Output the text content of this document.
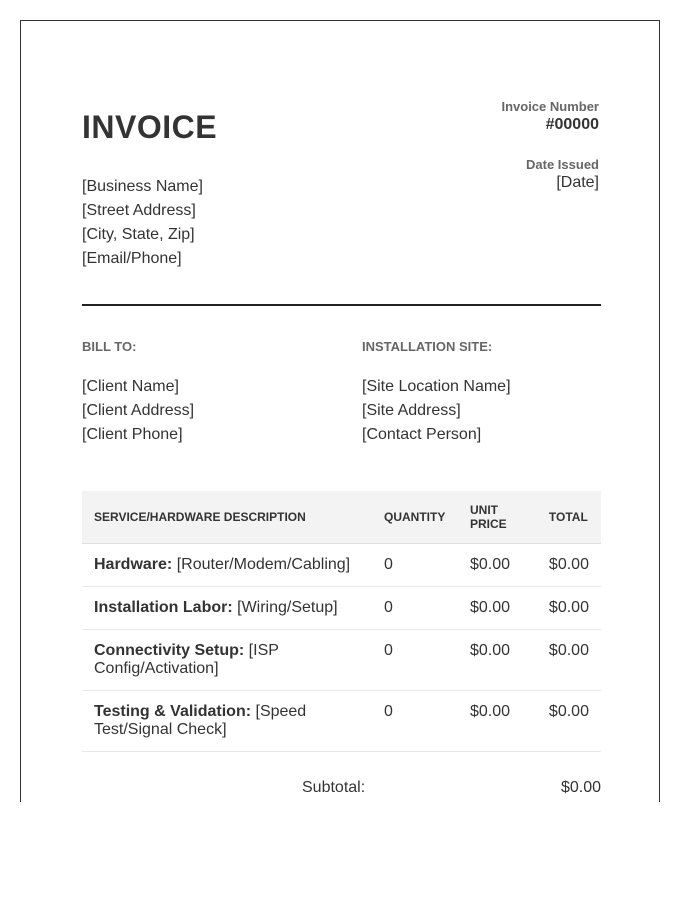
INVOICE
[Business Name]
[Street Address]
[City, State, Zip]
[Email/Phone]
Invoice Number
#00000
Date Issued
[Date]
BILL TO:
[Client Name]
[Client Address]
[Client Phone]
INSTALLATION SITE:
[Site Location Name]
[Site Address]
[Contact Person]
SERVICE/HARDWARE DESCRIPTION	QUANTITY	UNIT PRICE	TOTAL
Hardware: [Router/Modem/Cabling]	0	$0.00	$0.00
Installation Labor: [Wiring/Setup]	0	$0.00	$0.00
Connectivity Setup: [ISP Config/Activation]	0	$0.00	$0.00
Testing & Validation: [Speed Test/Signal Check]	0	$0.00	$0.00
Subtotal:	$0.00
